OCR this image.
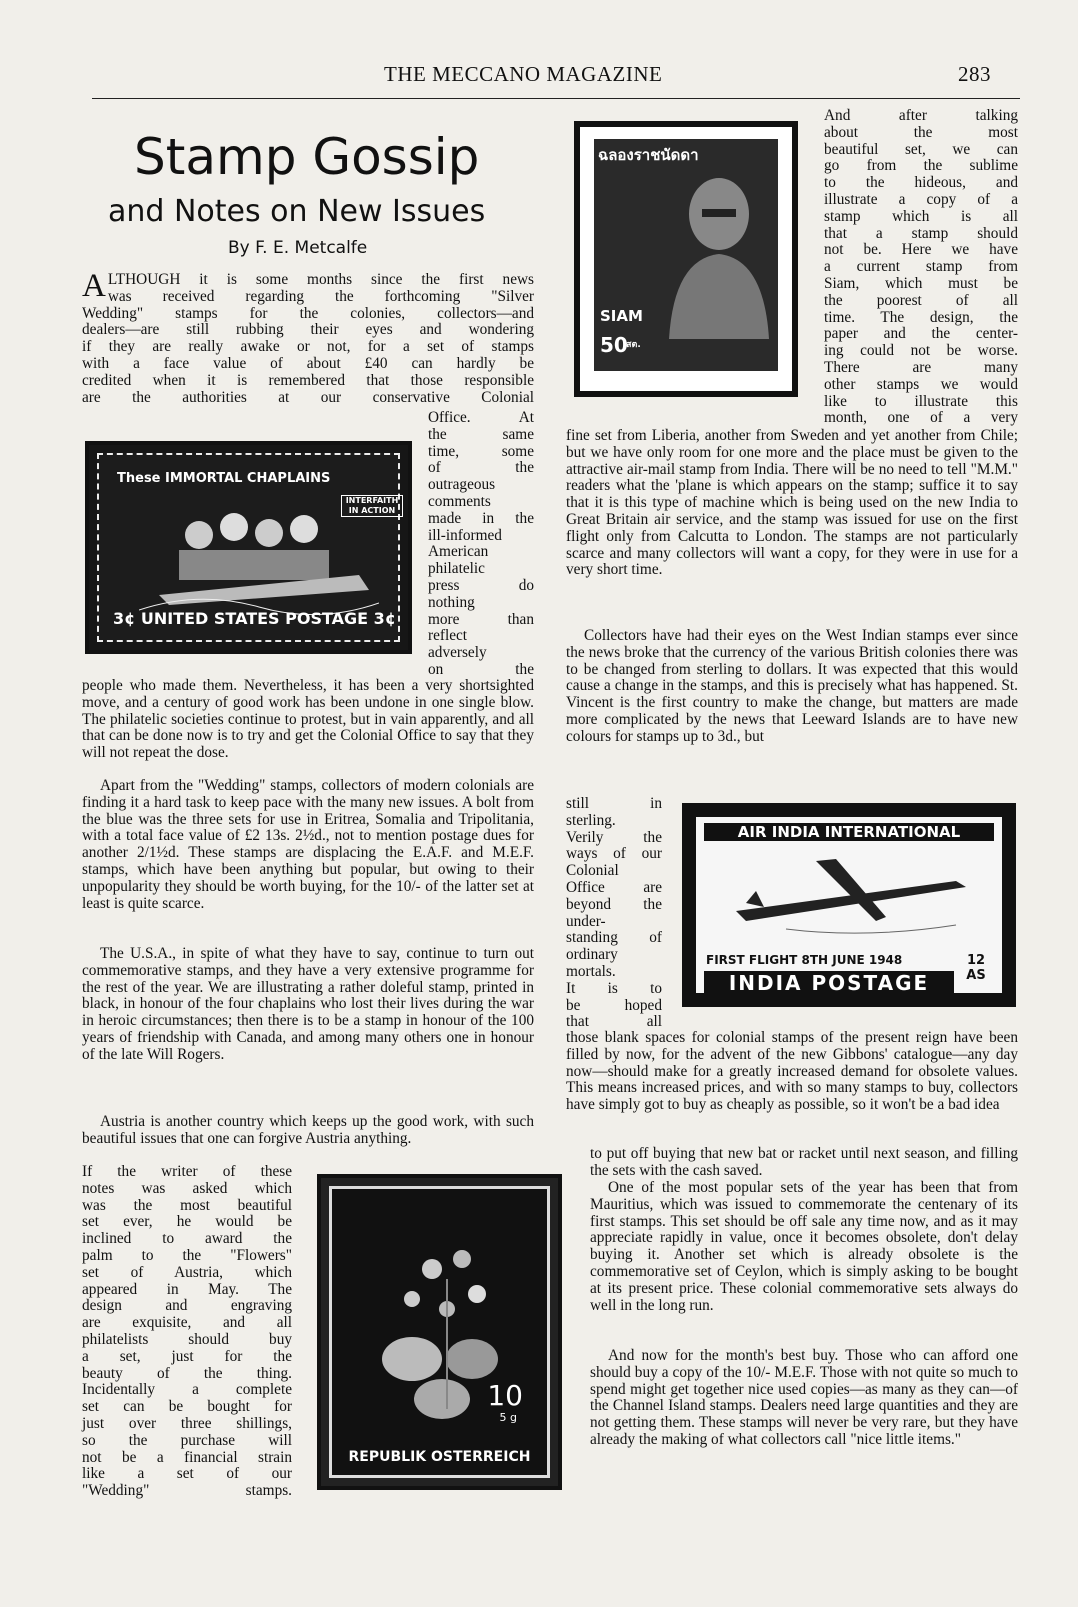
THE MECCANO MAGAZINE	283
Stamp Gossip
and Notes on New Issues
By F. E. Metcalfe
A LTHOUGH it is some months since the first news
was received regarding the forthcoming "Silver
Wedding" stamps for the colonies, collectors—and
dealers—are still rubbing their eyes and wondering
if they are really awake or not, for a set of stamps
with a face value of about £40 can hardly be
credited when it is remembered that those responsible
are the authorities at our conservative Colonial
These IMMORTAL CHAPLAINS
INTERFAITH IN ACTION
3¢ UNITED STATES POSTAGE 3¢
Office. At
the same
time, some
of the
outrageous
comments
made in the
ill-informed
American
philatelic
press do
nothing
more than
reflect
adversely
on the
people who made them. Nevertheless, it has been a very shortsighted move, and a century of good work has been undone in one single blow. The philatelic societies continue to protest, but in vain apparently, and all that can be done now is to try and get the Colonial Office to say that they will not repeat the dose.
Apart from the "Wedding" stamps, collectors of modern colonials are finding it a hard task to keep pace with the many new issues. A bolt from the blue was the three sets for use in Eritrea, Somalia and Tripolitania, with a total face value of £2 13s. 2½d., not to mention postage dues for another 2/1½d. These stamps are displacing the E.A.F. and M.E.F. stamps, which have been anything but popular, but owing to their unpopularity they should be worth buying, for the 10/- of the latter set at least is quite scarce.
The U.S.A., in spite of what they have to say, continue to turn out commemorative stamps, and they have a very extensive programme for the rest of the year. We are illustrating a rather doleful stamp, printed in black, in honour of the four chaplains who lost their lives during the war in heroic circumstances; then there is to be a stamp in honour of the 100 years of friendship with Canada, and among many others one in honour of the late Will Rogers.
Austria is another country which keeps up the good work, with such beautiful issues that one can forgive Austria anything.
If the writer of these
notes was asked which
was the most beautiful
set ever, he would be
inclined to award the
palm to the "Flowers"
set of Austria, which
appeared in May. The
design and engraving
are exquisite, and all
philatelists should buy
a set, just for the
beauty of the thing.
Incidentally a complete
set can be bought for
just over three shillings,
so the purchase will
not be a financial strain
like a set of our
"Wedding" stamps.
10
5 g
REPUBLIK OSTERREICH
ฉลองราชนัดดา
SIAM
50
สต.
And after talking
about the most
beautiful set, we can
go from the sublime
to the hideous, and
illustrate a copy of a
stamp which is all
that a stamp should
not be. Here we have
a current stamp from
Siam, which must be
the poorest of all
time. The design, the
paper and the center-
ing could not be worse.
There are many
other stamps we would
like to illustrate this
month, one of a very
fine set from Liberia, another from Sweden and yet another from Chile; but we have only room for one more and the place must be given to the attractive air-mail stamp from India. There will be no need to tell "M.M." readers what the 'plane is which appears on the stamp; suffice it to say that it is this type of machine which is being used on the new India to Great Britain air service, and the stamp was issued for use on the first flight only from Calcutta to London. The stamps are not particularly scarce and many collectors will want a copy, for they were in use for a very short time.
Collectors have had their eyes on the West Indian stamps ever since the news broke that the currency of the various British colonies there was to be changed from sterling to dollars. It was expected that this would cause a change in the stamps, and this is precisely what has happened. St. Vincent is the first country to make the change, but matters are made more complicated by the news that Leeward Islands are to have new colours for stamps up to 3d., but
still in
sterling.
Verily the
ways of our
Colonial
Office are
beyond the
under-
standing of
ordinary
mortals.
It is to
be hoped
that all
AIR INDIA INTERNATIONAL
FIRST FLIGHT 8TH JUNE 1948
INDIA POSTAGE
12 AS
those blank spaces for colonial stamps of the present reign have been filled by now, for the advent of the new Gibbons' catalogue—any day now—should make for a greatly increased demand for obsolete values. This means increased prices, and with so many stamps to buy, collectors have simply got to buy as cheaply as possible, so it won't be a bad idea
to put off buying that new bat or racket until next season, and filling the sets with the cash saved.
One of the most popular sets of the year has been that from Mauritius, which was issued to commemorate the centenary of its first stamps. This set should be off sale any time now, and as it may appreciate rapidly in value, once it becomes obsolete, don't delay buying it. Another set which is already obsolete is the commemorative set of Ceylon, which is simply asking to be bought at its present price. These colonial commemorative sets always do well in the long run.
And now for the month's best buy. Those who can afford one should buy a copy of the 10/- M.E.F. Those with not quite so much to spend might get together nice used copies—as many as they can—of the Channel Island stamps. Dealers need large quantities and they are not getting them. These stamps will never be very rare, but they have already the making of what collectors call "nice little items."
